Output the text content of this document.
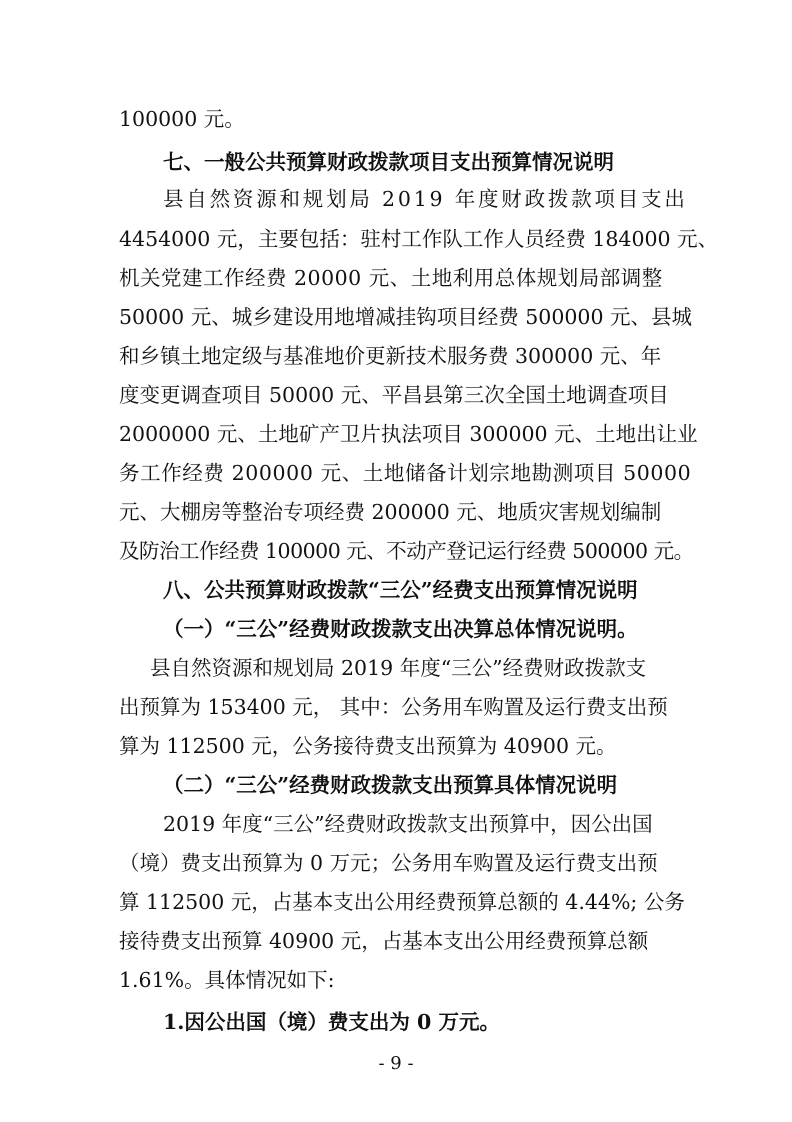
100000 元。
七、一般公共预算财政拨款项目支出预算情况说明
县自然资源和规划局 2019 年度财政拨款项目支出
4454000 元，主要包括：驻村工作队工作人员经费 184000 元、
机关党建工作经费 20000 元、土地利用总体规划局部调整
50000 元、城乡建设用地增减挂钩项目经费 500000 元、县城
和乡镇土地定级与基准地价更新技术服务费 300000 元、年
度变更调查项目 50000 元、平昌县第三次全国土地调查项目
2000000 元、土地矿产卫片执法项目 300000 元、土地出让业
务工作经费 200000 元、土地储备计划宗地勘测项目 50000
元、大棚房等整治专项经费 200000 元、地质灾害规划编制
及防治工作经费 100000 元、不动产登记运行经费 500000 元。
八、公共预算财政拨款“三公”经费支出预算情况说明
（一）“三公”经费财政拨款支出决算总体情况说明。
县自然资源和规划局 2019 年度“三公”经费财政拨款支
出预算为 153400 元， 其中：公务用车购置及运行费支出预
算为 112500 元，公务接待费支出预算为 40900 元。
（二）“三公”经费财政拨款支出预算具体情况说明
2019 年度“三公”经费财政拨款支出预算中，因公出国
（境）费支出预算为 0 万元；公务用车购置及运行费支出预
算 112500 元，占基本支出公用经费预算总额的 4.44%; 公务
接待费支出预算 40900 元，占基本支出公用经费预算总额
1.61%。具体情况如下:
1.因公出国（境）费支出为 0 万元。
- 9 -
